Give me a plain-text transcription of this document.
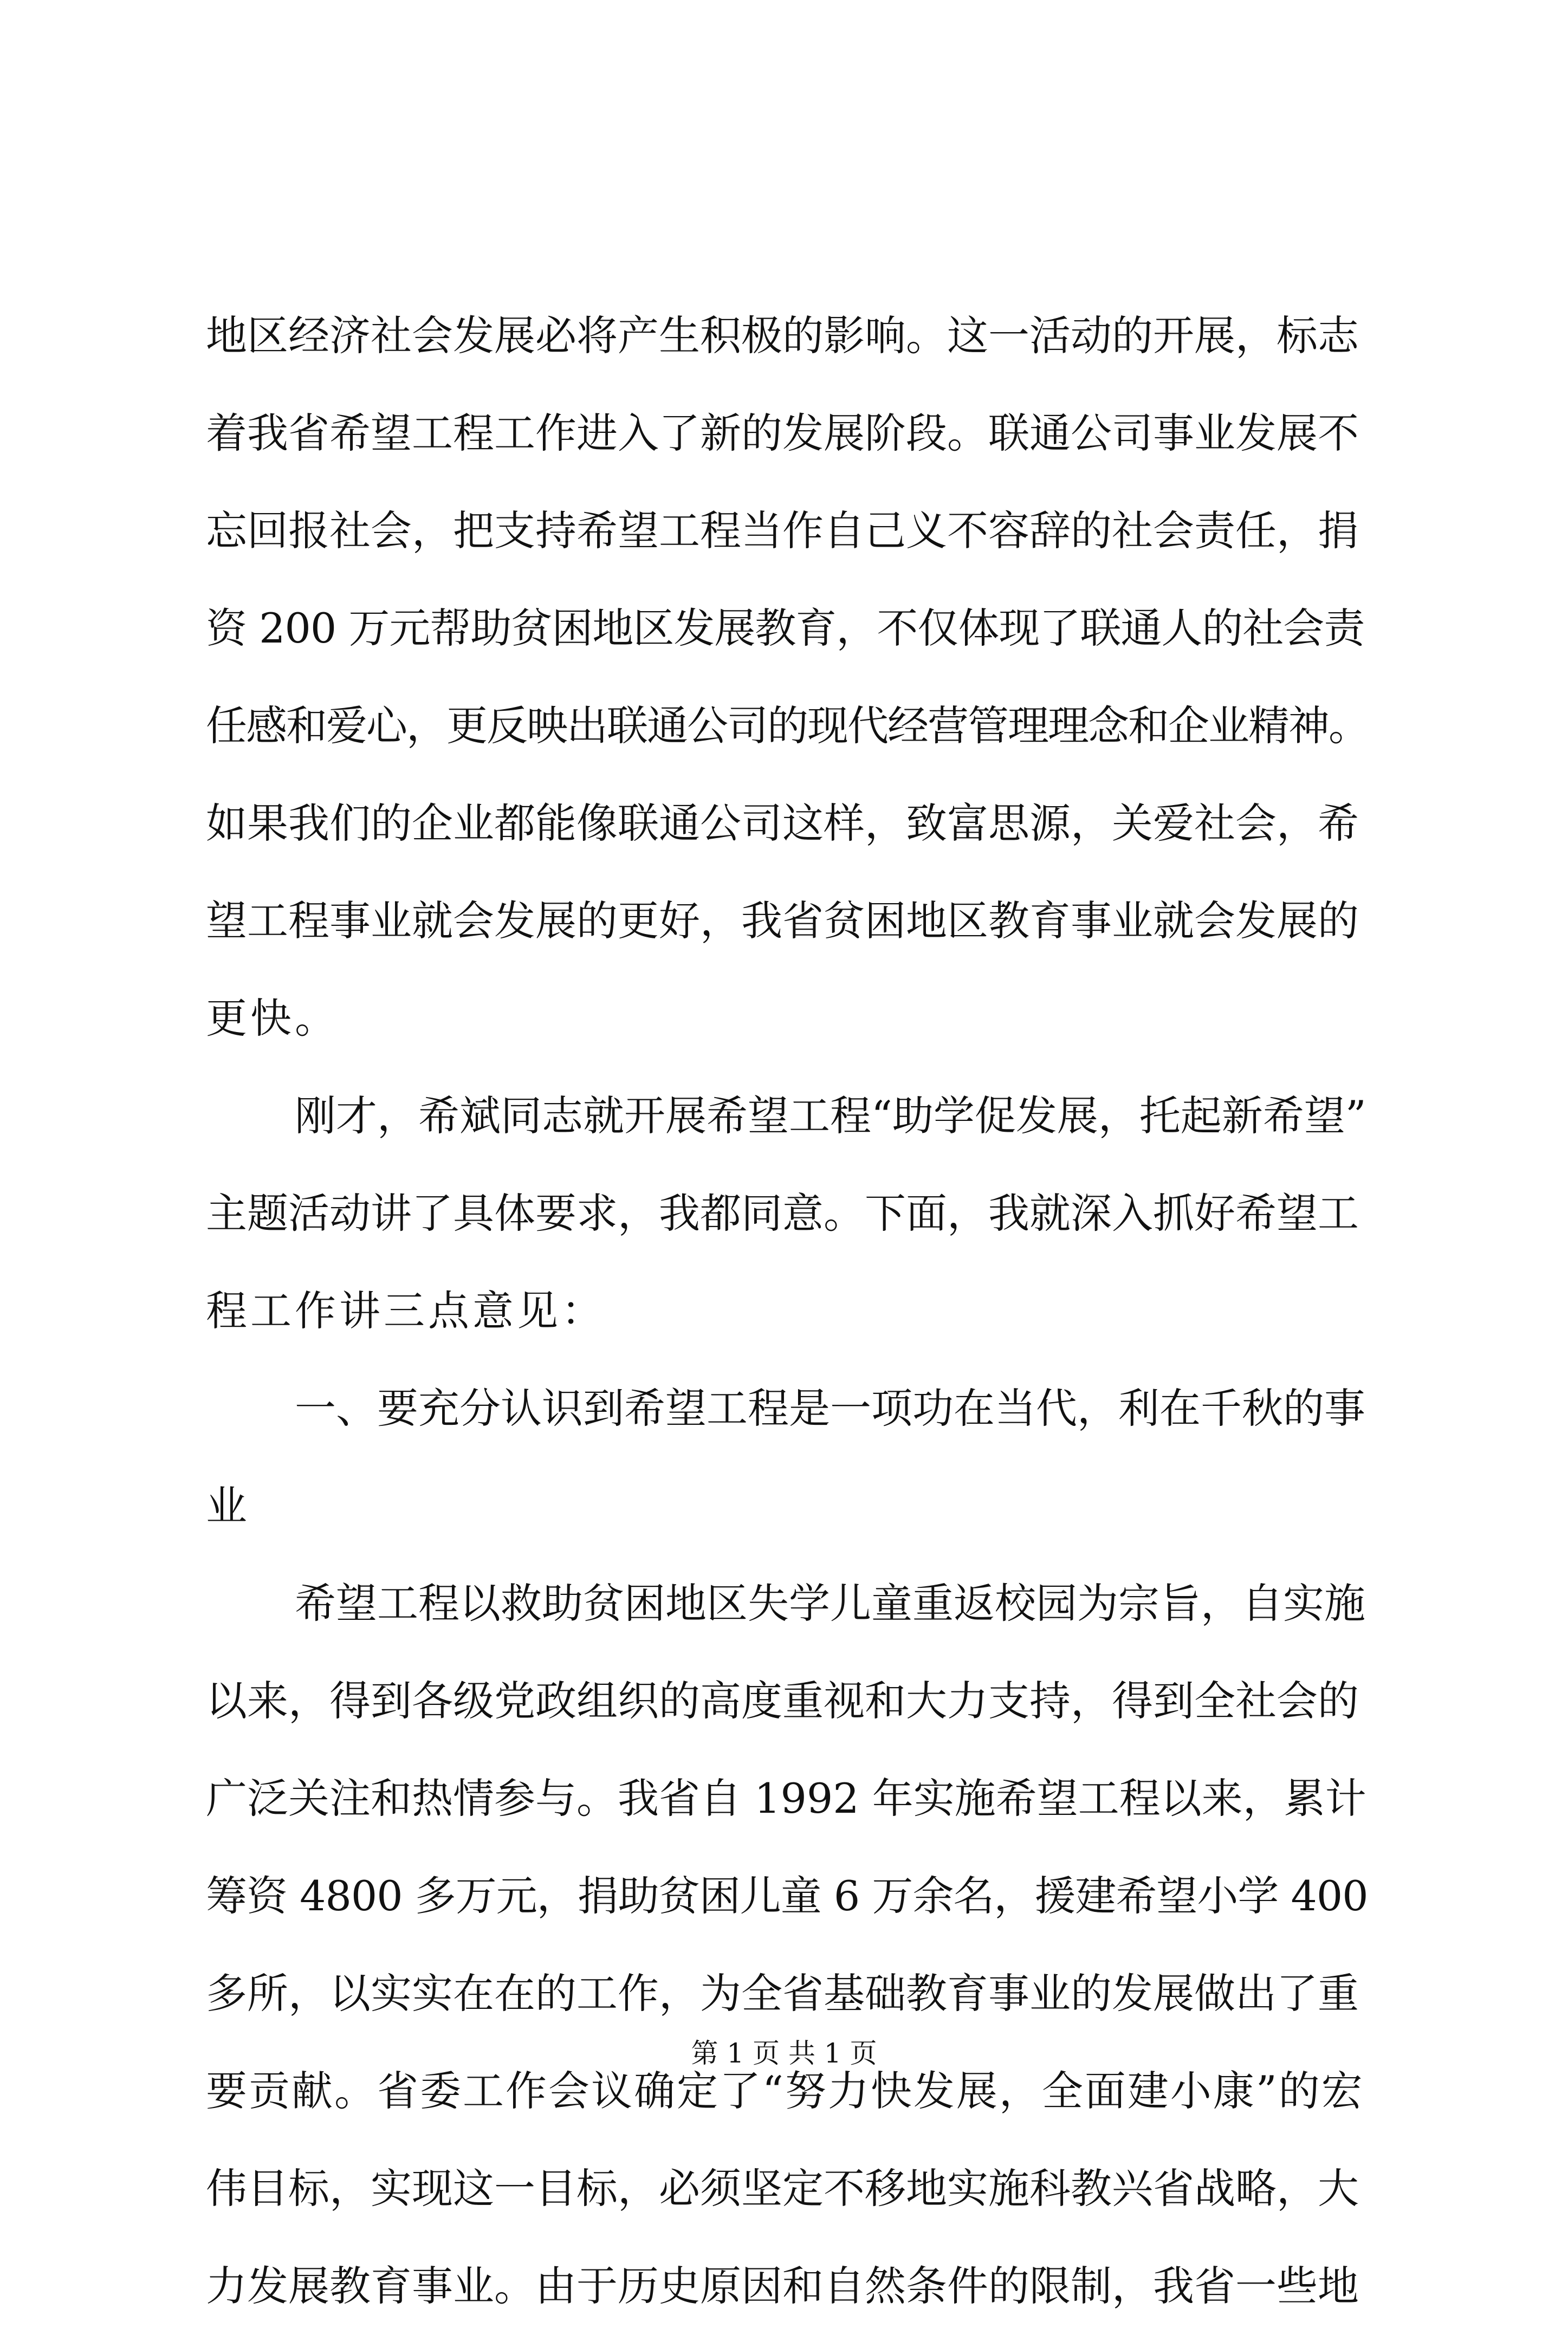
地区经济社会发展必将产生积极的影响。这一活动的开展，标志
着我省希望工程工作进入了新的发展阶段。联通公司事业发展不
忘回报社会，把支持希望工程当作自己义不容辞的社会责任，捐
资 200 万元帮助贫困地区发展教育，不仅体现了联通人的社会责
任感和爱心，更反映出联通公司的现代经营管理理念和企业精神。
如果我们的企业都能像联通公司这样，致富思源，关爱社会，希
望工程事业就会发展的更好，我省贫困地区教育事业就会发展的
更快。
刚才，希斌同志就开展希望工程“助学促发展，托起新希望”
主题活动讲了具体要求，我都同意。下面，我就深入抓好希望工
程工作讲三点意见：
一、要充分认识到希望工程是一项功在当代，利在千秋的事
业
希望工程以救助贫困地区失学儿童重返校园为宗旨，自实施
以来，得到各级党政组织的高度重视和大力支持，得到全社会的
广泛关注和热情参与。我省自 1992 年实施希望工程以来，累计
筹资 4800 多万元，捐助贫困儿童 6 万余名，援建希望小学 400
多所，以实实在在的工作，为全省基础教育事业的发展做出了重
要贡献。省委工作会议确定了“努力快发展，全面建小康”的宏
伟目标，实现这一目标，必须坚定不移地实施科教兴省战略，大
力发展教育事业。由于历史原因和自然条件的限制，我省一些地
第 1 页 共 1 页
